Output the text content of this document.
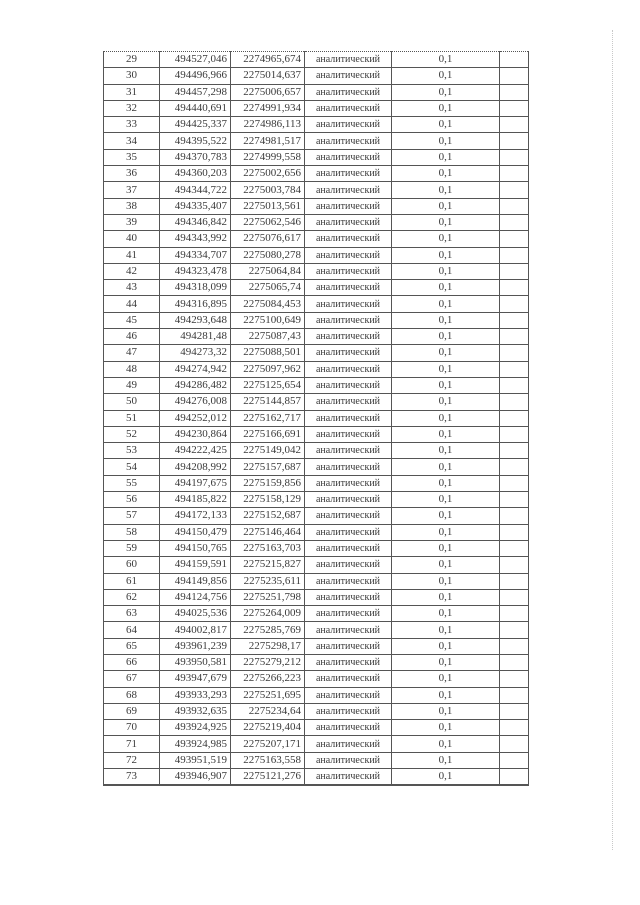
29	494527,046	2274965,674	аналитический	0,1	
30	494496,966	2275014,637	аналитический	0,1	
31	494457,298	2275006,657	аналитический	0,1	
32	494440,691	2274991,934	аналитический	0,1	
33	494425,337	2274986,113	аналитический	0,1	
34	494395,522	2274981,517	аналитический	0,1	
35	494370,783	2274999,558	аналитический	0,1	
36	494360,203	2275002,656	аналитический	0,1	
37	494344,722	2275003,784	аналитический	0,1	
38	494335,407	2275013,561	аналитический	0,1	
39	494346,842	2275062,546	аналитический	0,1	
40	494343,992	2275076,617	аналитический	0,1	
41	494334,707	2275080,278	аналитический	0,1	
42	494323,478	2275064,84	аналитический	0,1	
43	494318,099	2275065,74	аналитический	0,1	
44	494316,895	2275084,453	аналитический	0,1	
45	494293,648	2275100,649	аналитический	0,1	
46	494281,48	2275087,43	аналитический	0,1	
47	494273,32	2275088,501	аналитический	0,1	
48	494274,942	2275097,962	аналитический	0,1	
49	494286,482	2275125,654	аналитический	0,1	
50	494276,008	2275144,857	аналитический	0,1	
51	494252,012	2275162,717	аналитический	0,1	
52	494230,864	2275166,691	аналитический	0,1	
53	494222,425	2275149,042	аналитический	0,1	
54	494208,992	2275157,687	аналитический	0,1	
55	494197,675	2275159,856	аналитический	0,1	
56	494185,822	2275158,129	аналитический	0,1	
57	494172,133	2275152,687	аналитический	0,1	
58	494150,479	2275146,464	аналитический	0,1	
59	494150,765	2275163,703	аналитический	0,1	
60	494159,591	2275215,827	аналитический	0,1	
61	494149,856	2275235,611	аналитический	0,1	
62	494124,756	2275251,798	аналитический	0,1	
63	494025,536	2275264,009	аналитический	0,1	
64	494002,817	2275285,769	аналитический	0,1	
65	493961,239	2275298,17	аналитический	0,1	
66	493950,581	2275279,212	аналитический	0,1	
67	493947,679	2275266,223	аналитический	0,1	
68	493933,293	2275251,695	аналитический	0,1	
69	493932,635	2275234,64	аналитический	0,1	
70	493924,925	2275219,404	аналитический	0,1	
71	493924,985	2275207,171	аналитический	0,1	
72	493951,519	2275163,558	аналитический	0,1	
73	493946,907	2275121,276	аналитический	0,1	
